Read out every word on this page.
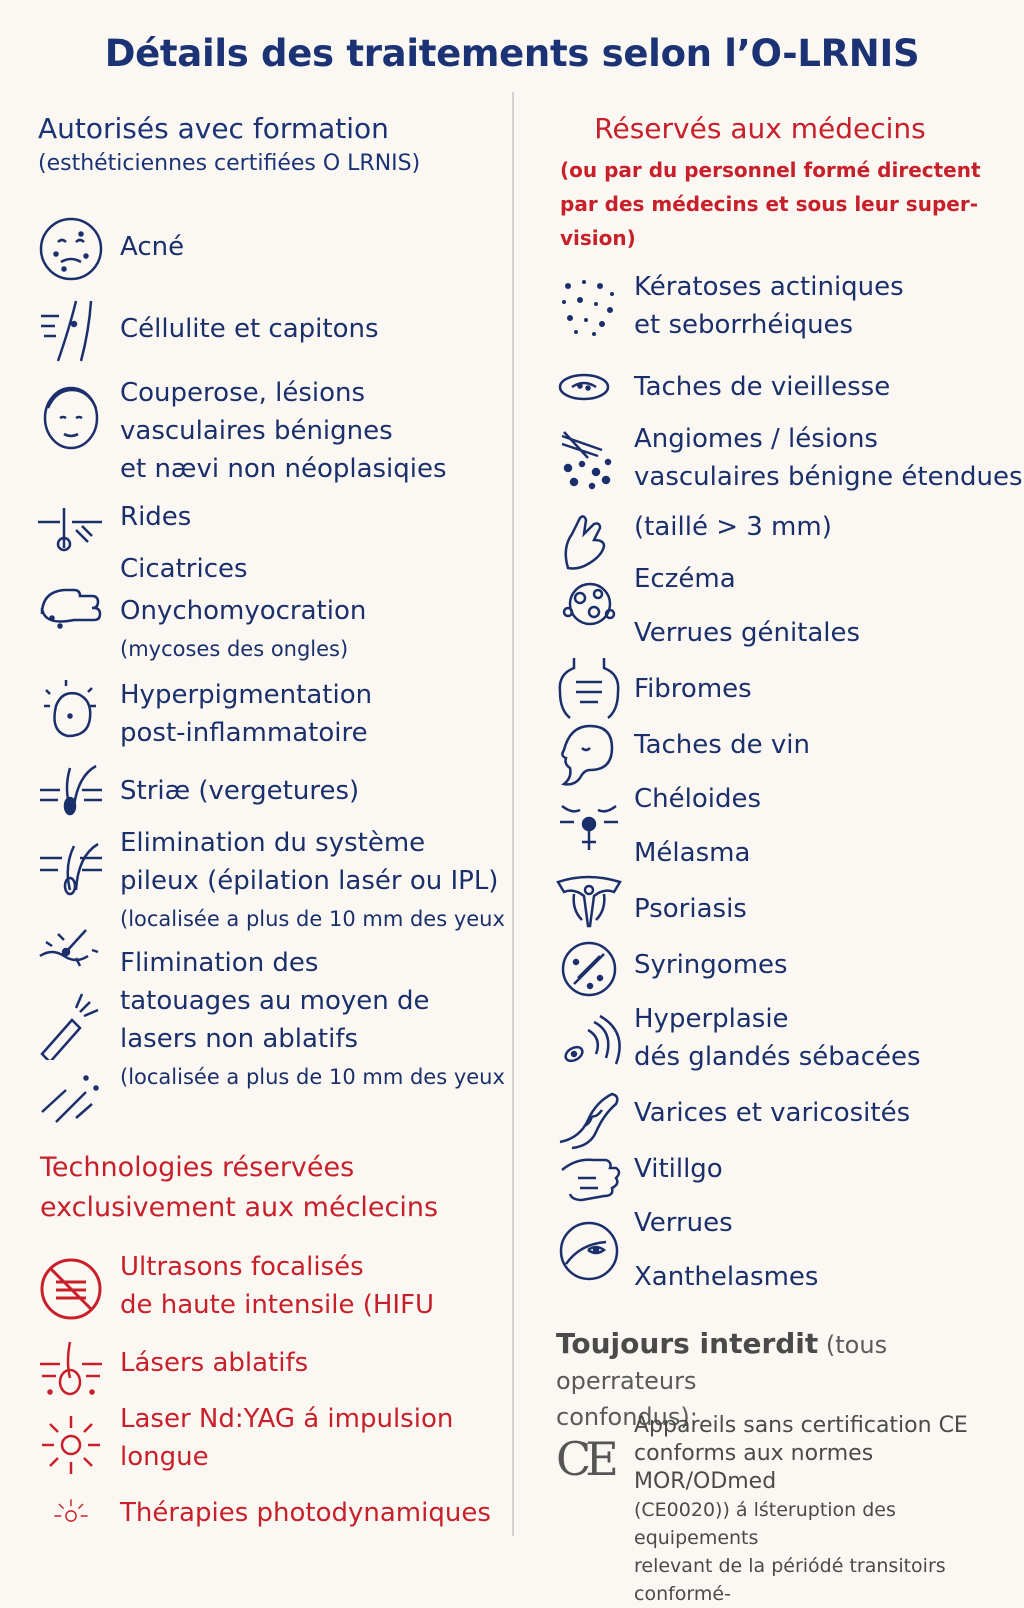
Détails des traitements selon l’O-LRNIS
Autorisés avec formation
(esthéticiennes certifiées O LRNIS)
Réservés aux médecins
(ou par du personnel formé directent
par des médecins et sous leur super-
vision)
Acné
Céllulite et capitons
Couperose, lésions
vasculaires bénignes
et nævi non néoplasiqies
Rides
Cicatrices
Onychomyocration
(mycoses des ongles)
Hyperpigmentation
post-inflammatoire
Striæ (vergetures)
Elimination du système
pileux (épilation lasér ou IPL)
(localisée a plus de 10 mm des yeux
Flimination des
tatouages au moyen de
lasers non ablatifs
(localisée a plus de 10 mm des yeux
Technologies réservées
exclusivement aux méclecins
Ultrasons focalisés
de haute intensile (HIFU
Lásers ablatifs
Laser Nd:YAG á impulsion
longue
Thérapies photodynamiques
Kératoses actiniques
et seborrhéiques
Taches de vieillesse
Angiomes / lésions
vasculaires bénigne étendues
(taillé > 3 mm)
Eczéma
Verrues génitales
Fibromes
Taches de vin
Chéloides
Mélasma
Psoriasis
Syringomes
Hyperplasie
dés glandés sébacées
Varices et varicosités
Vitillgo
Verrues
Xanthelasmes
Toujours interdit (tous operrateurs
confondus):
CE
Appareils sans certification CE
conforms aux normes MOR/ODmed
(CE0020)) á lśteruption des equipements
relevant de la périódé transitoirs conformé-
